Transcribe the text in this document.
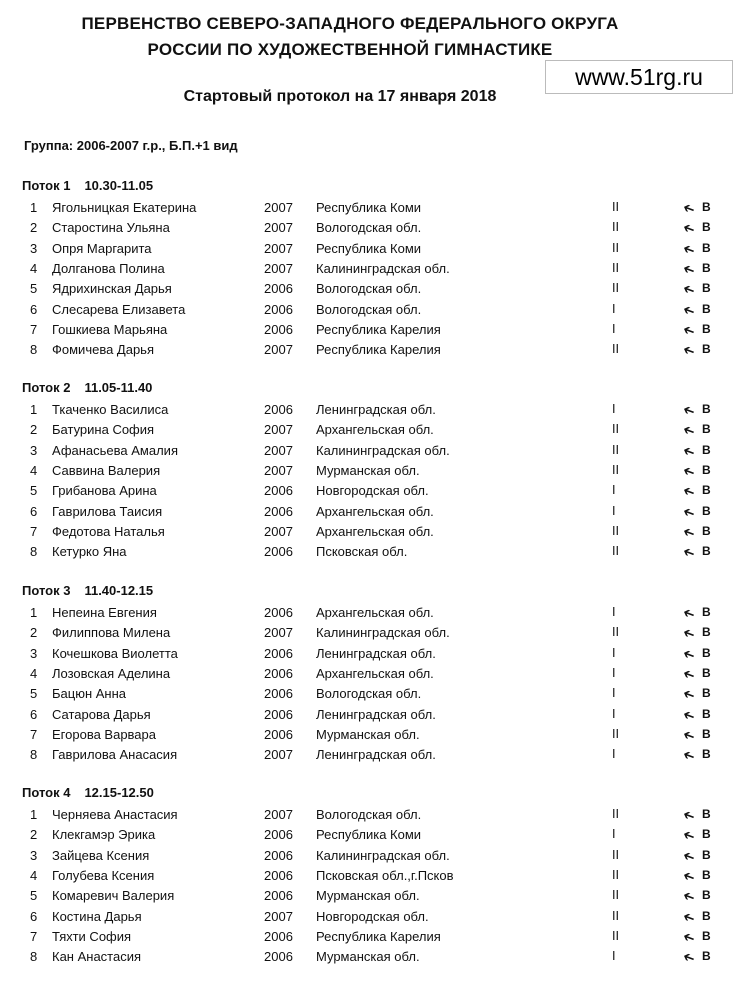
ПЕРВЕНСТВО СЕВЕРО-ЗАПАДНОГО ФЕДЕРАЛЬНОГО ОКРУГА
РОССИИ ПО ХУДОЖЕСТВЕННОЙ ГИМНАСТИКЕ
www.51rg.ru
Стартовый протокол на 17 января 2018
Группа: 2006-2007 г.р., Б.П.+1 вид
Поток 1 10.30-11.05
1 Ягольницкая Екатерина	2007 Республика Коми	II	➔ В
2 Старостина Ульяна	2007 Вологодская обл.	II	➔ В
3 Опря Маргарита	2007 Республика Коми	II	➔ В
4 Долганова Полина	2007 Калининградская обл.	II	➔ В
5 Ядрихинская Дарья	2006 Вологодская обл.	II	➔ В
6 Слесарева Елизавета	2006 Вологодская обл.	I	➔ В
7 Гошкиева Марьяна	2006 Республика Карелия	I	➔ В
8 Фомичева Дарья	2007 Республика Карелия	II	➔ В
Поток 2 11.05-11.40
1 Ткаченко Василиса	2006 Ленинградская обл.	I	➔ В
2 Батурина София	2007 Архангельская обл.	II	➔ В
3 Афанасьева Амалия	2007 Калининградская обл.	II	➔ В
4 Саввина Валерия	2007 Мурманская обл.	II	➔ В
5 Грибанова Арина	2006 Новгородская обл.	I	➔ В
6 Гаврилова Таисия	2006 Архангельская обл.	I	➔ В
7 Федотова Наталья	2007 Архангельская обл.	II	➔ В
8 Кетурко Яна	2006 Псковская обл.	II	➔ В
Поток 3 11.40-12.15
1 Непеина Евгения	2006 Архангельская обл.	I	➔ В
2 Филиппова Милена	2007 Калининградская обл.	II	➔ В
3 Кочешкова Виолетта	2006 Ленинградская обл.	I	➔ В
4 Лозовская Аделина	2006 Архангельская обл.	I	➔ В
5 Бацюн Анна	2006 Вологодская обл.	I	➔ В
6 Сатарова Дарья	2006 Ленинградская обл.	I	➔ В
7 Егорова Варвара	2006 Мурманская обл.	II	➔ В
8 Гаврилова Анасасия	2007 Ленинградская обл.	I	➔ В
Поток 4 12.15-12.50
1 Черняева Анастасия	2007 Вологодская обл.	II	➔ В
2 Клекгамэр Эрика	2006 Республика Коми	I	➔ В
3 Зайцева Ксения	2006 Калининградская обл.	II	➔ В
4 Голубева Ксения	2006 Псковская обл.,г.Псков	II	➔ В
5 Комаревич Валерия	2006 Мурманская обл.	II	➔ В
6 Костина Дарья	2007 Новгородская обл.	II	➔ В
7 Тяхти София	2006 Республика Карелия	II	➔ В
8 Кан Анастасия	2006 Мурманская обл.	I	➔ В
